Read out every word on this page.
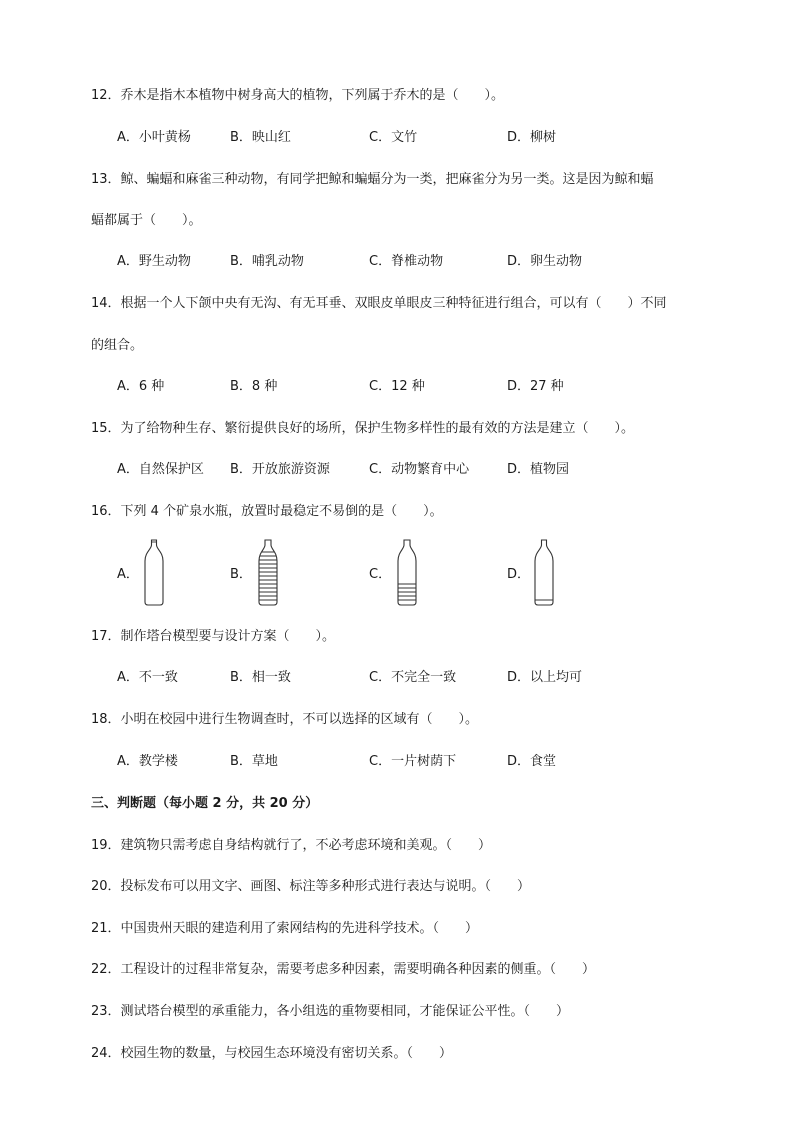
12．乔木是指木本植物中树身高大的植物，下列属于乔木的是（　　）。
A．小叶黄杨	B．映山红	C．文竹	D．柳树
13．鲸、蝙蝠和麻雀三种动物，有同学把鲸和蝙蝠分为一类，把麻雀分为另一类。这是因为鲸和蝠
蝠都属于（　　）。
A．野生动物	B．哺乳动物	C．脊椎动物	D．卵生动物
14．根据一个人下颌中央有无沟、有无耳垂、双眼皮单眼皮三种特征进行组合，可以有（　　）不同
的组合。
A．6 种	B．8 种	C．12 种	D．27 种
15．为了给物种生存、繁衍提供良好的场所，保护生物多样性的最有效的方法是建立（　　）。
A．自然保护区 B．开放旅游资源	C．动物繁育中心	D．植物园
16．下列 4 个矿泉水瓶，放置时最稳定不易倒的是（　　）。
A．	B．	C．	D．
17．制作塔台模型要与设计方案（　　）。
A．不一致	B．相一致	C．不完全一致	D．以上均可
18．小明在校园中进行生物调查时，不可以选择的区域有（　　）。
A．教学楼	B．草地	C．一片树荫下	D．食堂
三、判断题（每小题 2 分，共 20 分）
19．建筑物只需考虑自身结构就行了，不必考虑环境和美观。（　　）
20．投标发布可以用文字、画图、标注等多种形式进行表达与说明。（　　）
21．中国贵州天眼的建造利用了索网结构的先进科学技术。（　　）
22．工程设计的过程非常复杂，需要考虑多种因素，需要明确各种因素的侧重。（　　）
23．测试塔台模型的承重能力，各小组选的重物要相同，才能保证公平性。（　　）
24．校园生物的数量，与校园生态环境没有密切关系。（　　）
